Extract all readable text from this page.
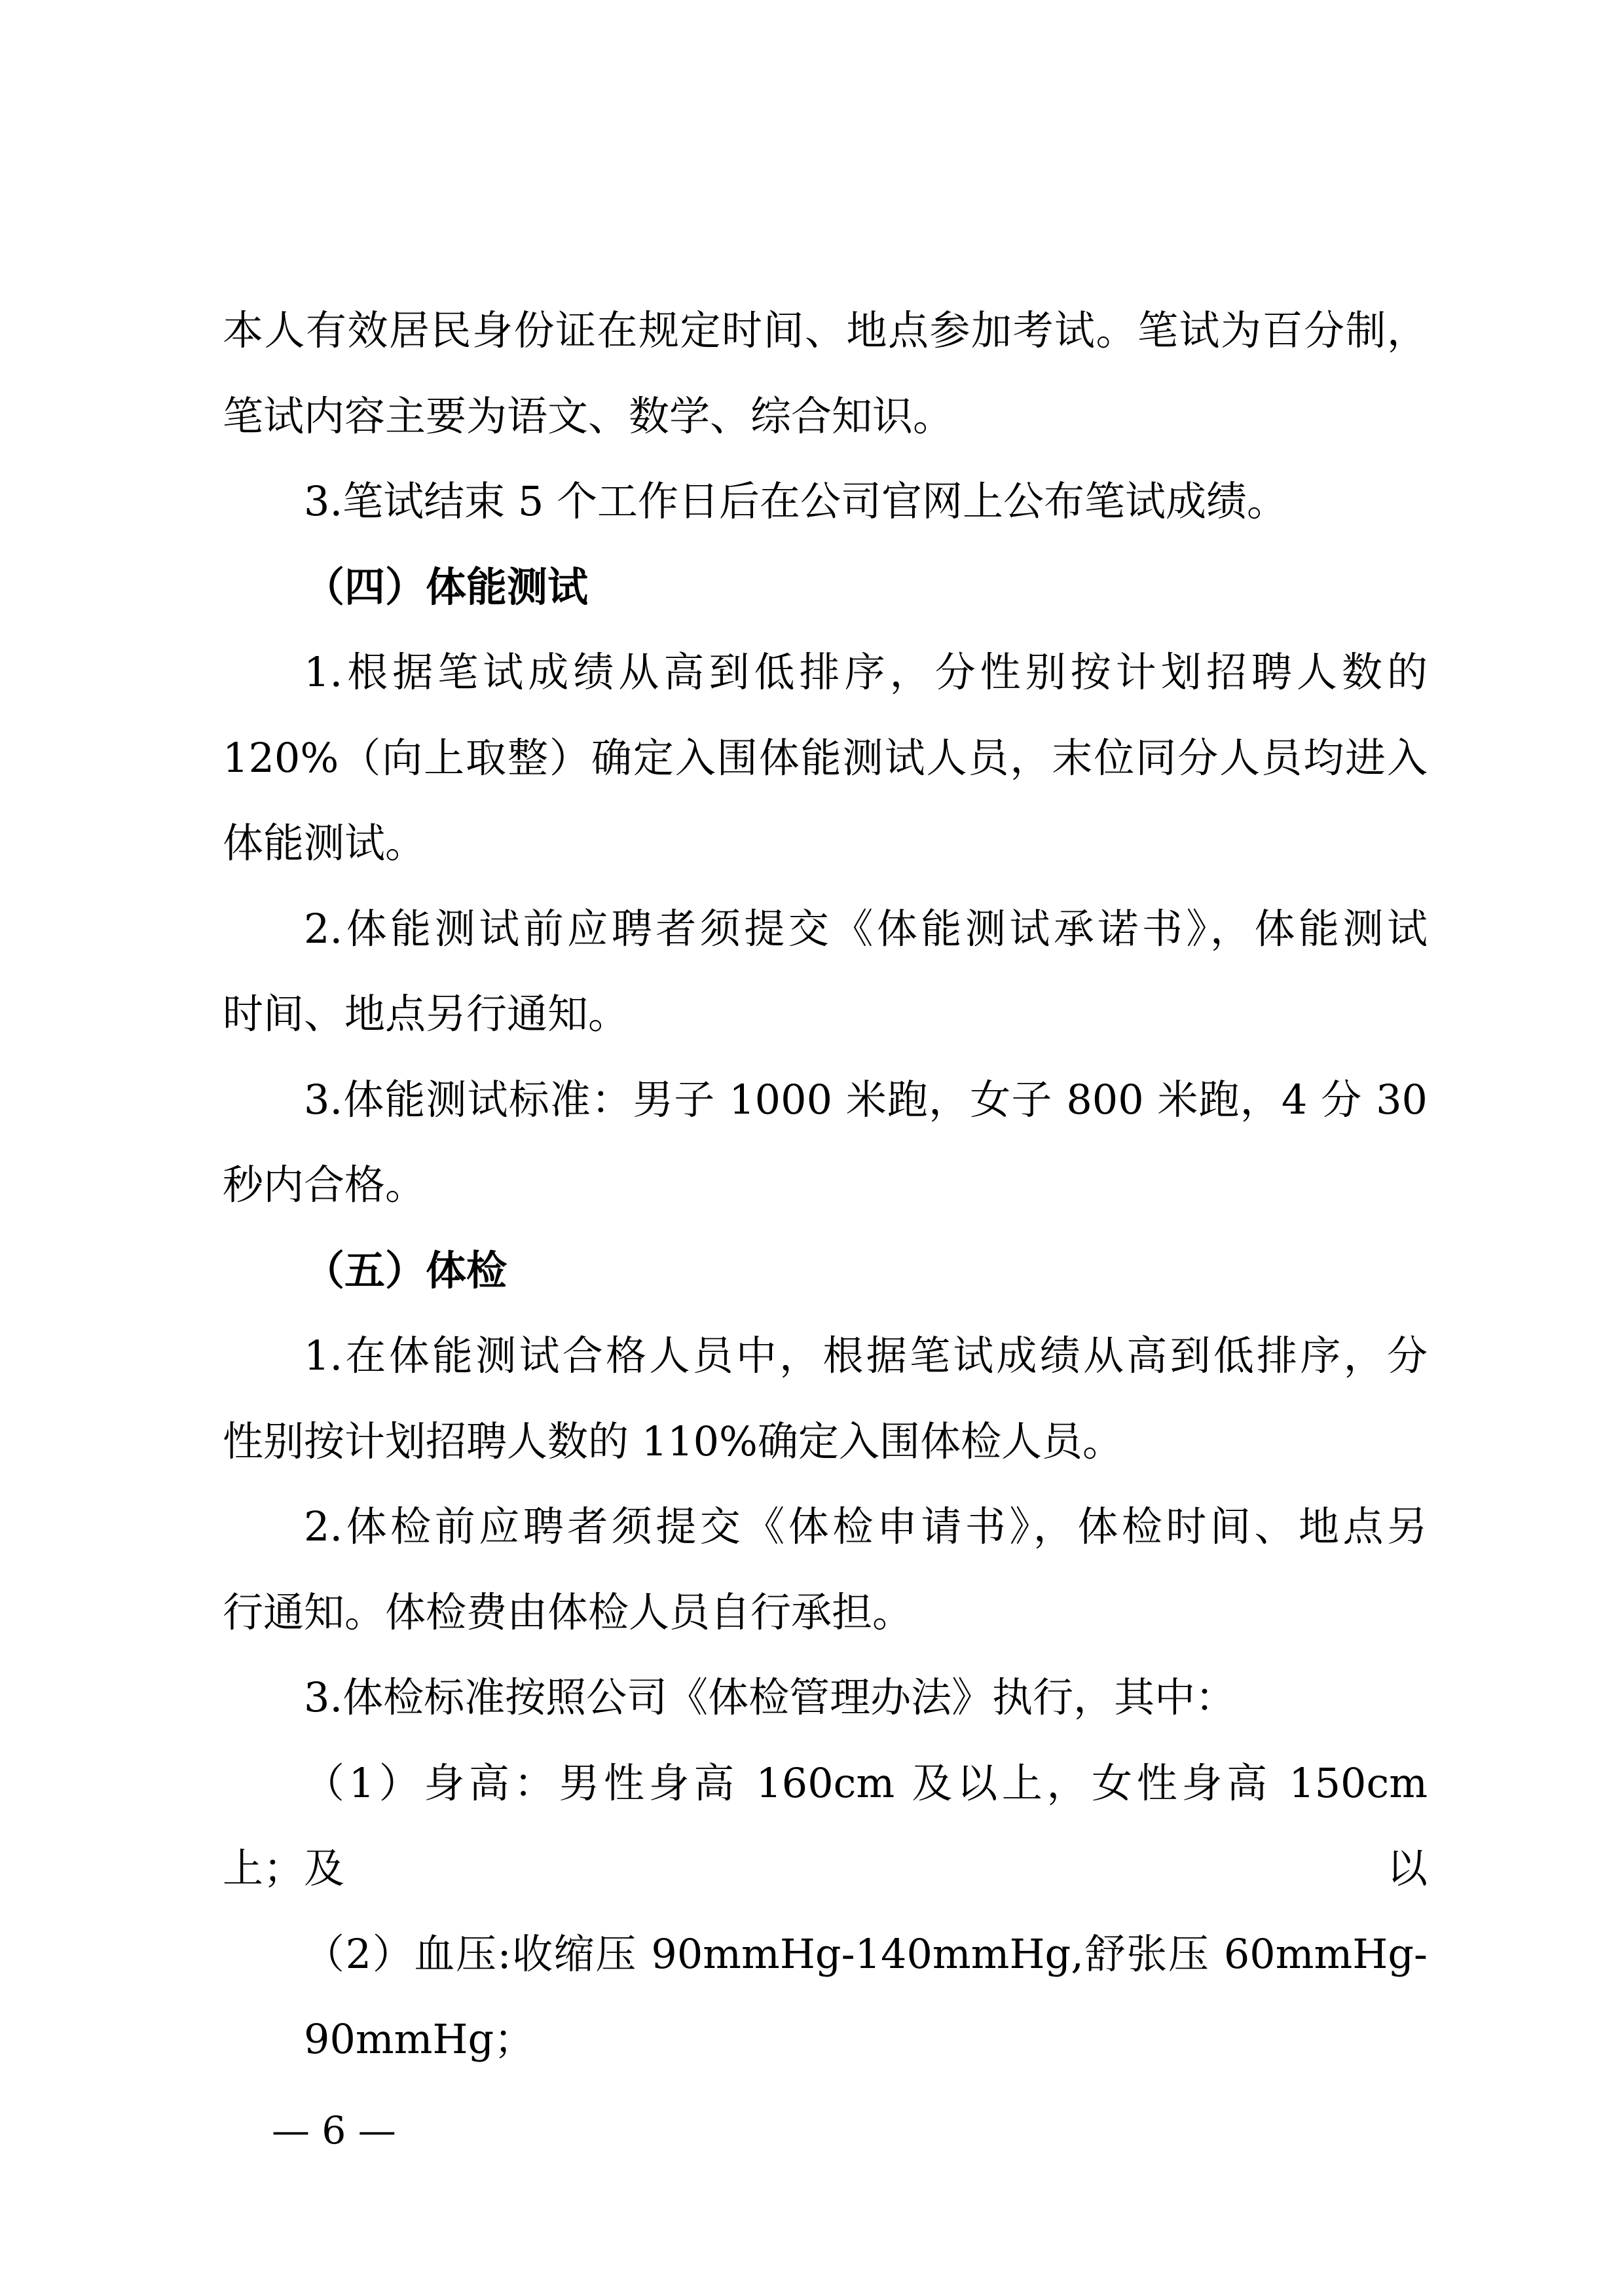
本人有效居民身份证在规定时间、地点参加考试。笔试为百分制，
笔试内容主要为语文、数学、综合知识。
3.笔试结束 5 个工作日后在公司官网上公布笔试成绩。
（四）体能测试
1.根据笔试成绩从高到低排序，分性别按计划招聘人数的
120%（向上取整）确定入围体能测试人员，末位同分人员均进入
体能测试。
2.体能测试前应聘者须提交《体能测试承诺书》，体能测试
时间、地点另行通知。
3.体能测试标准：男子 1000 米跑，女子 800 米跑，4 分 30
秒内合格。
（五）体检
1.在体能测试合格人员中，根据笔试成绩从高到低排序，分
性别按计划招聘人数的 110%确定入围体检人员。
2.体检前应聘者须提交《体检申请书》，体检时间、地点另
行通知。体检费由体检人员自行承担。
3.体检标准按照公司《体检管理办法》执行，其中：
（1）身高：男性身高 160cm 及以上，女性身高 150cm 及以
上；
（2）血压:收缩压 90mmHg-140mmHg,舒张压 60mmHg-90mmHg；
— 6 —
